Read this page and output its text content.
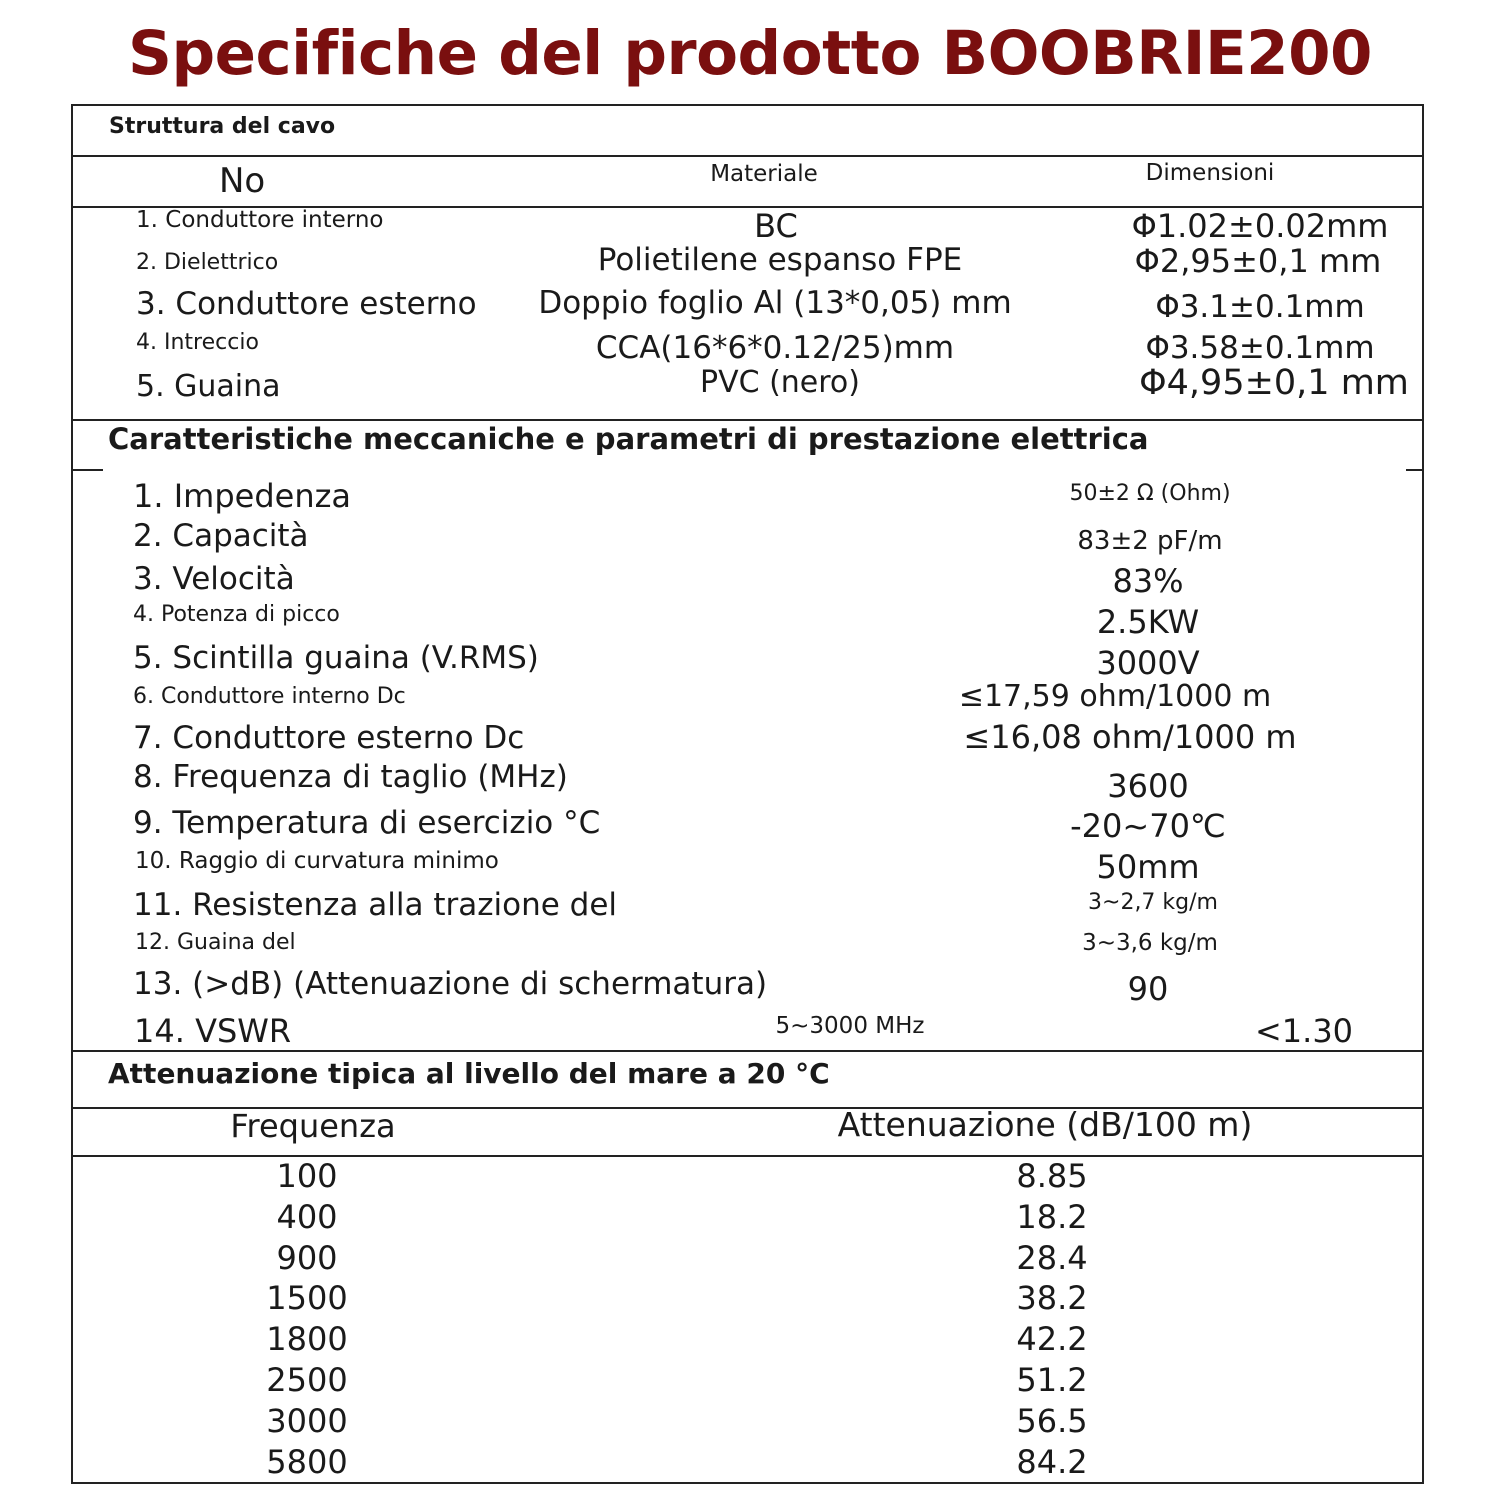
Specifiche del prodotto BOOBRIE200
Struttura del cavo
No	Materiale	Dimensioni
1. Conduttore interno	BC	Φ1.02±0.02mm
2. Dielettrico	Polietilene espanso FPE	Φ2,95±0,1 mm
3. Conduttore esterno	Doppio foglio Al (13*0,05) mm	Φ3.1±0.1mm
4. Intreccio	CCA(16*6*0.12/25)mm	Φ3.58±0.1mm
5. Guaina	PVC (nero)	Φ4,95±0,1 mm
Caratteristiche meccaniche e parametri di prestazione elettrica
1. Impedenza	50±2 Ω (Ohm)
2. Capacità	83±2 pF/m
3. Velocità	83%
4. Potenza di picco	2.5KW
5. Scintilla guaina (V.RMS)	3000V
6. Conduttore interno Dc	≤17,59 ohm/1000 m
7. Conduttore esterno Dc	≤16,08 ohm/1000 m
8. Frequenza di taglio (MHz)	3600
9. Temperatura di esercizio °C	-20~70℃
10. Raggio di curvatura minimo	50mm
11. Resistenza alla trazione del	3~2,7 kg/m
12. Guaina del	3~3,6 kg/m
13. (>dB) (Attenuazione di schermatura)	90
14. VSWR	5~3000 MHz	<1.30
Attenuazione tipica al livello del mare a 20 °C
Frequenza	Attenuazione (dB/100 m)
100	8.85
400	18.2
900	28.4
1500	38.2
1800	42.2
2500	51.2
3000	56.5
5800	84.2
